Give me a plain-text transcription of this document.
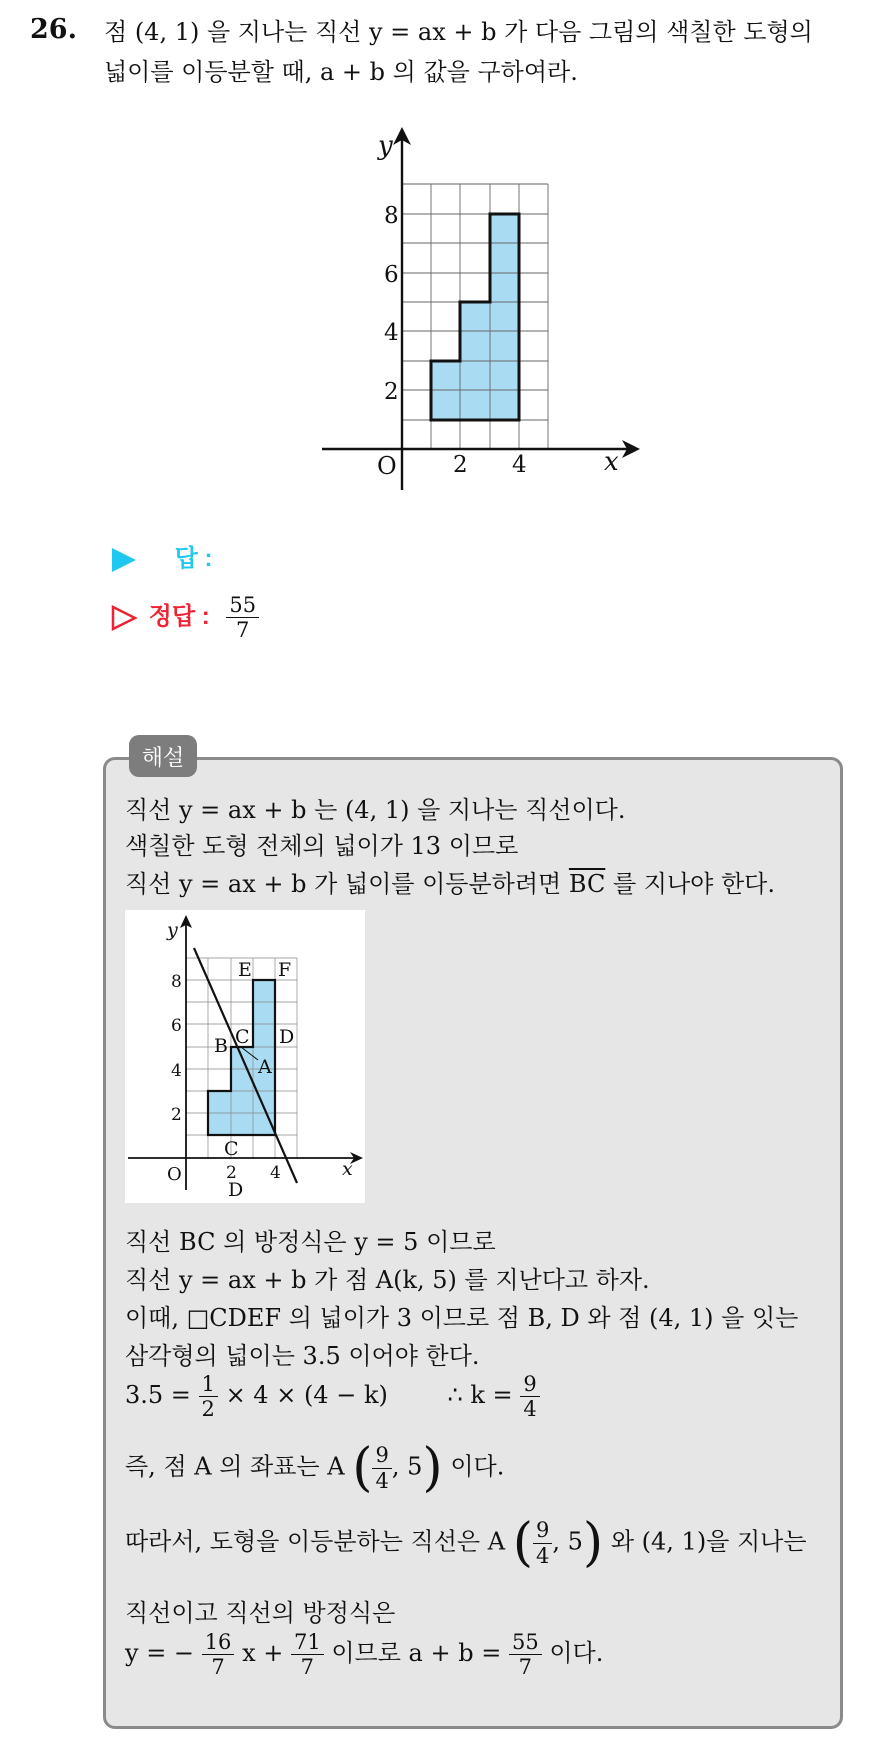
26. 점 (4, 1) 을 지나는 직선 y = ax + b 가 다음 그림의 색칠한 도형의
넓이를 이등분할 때, a + b 의 값을 구하여라.
y
x
O
8
6
4
2
2 4
답 :
정답 : $\frac{55}{7}$
해설
직선 y = ax + b 는 (4, 1) 을 지나는 직선이다.
색칠한 도형 전체의 넓이가 13 이므로
직선 y = ax + b 가 넓이를 이등분하려면 $\overline{BC}$ 를 지나야 한다.
y
x
O
8
6
4
2
2 4
E F
B C D
A
C
D
직선 BC 의 방정식은 y = 5 이므로
직선 y = ax + b 가 점 A(k, 5) 를 지난다고 하자.
이때, □CDEF 의 넓이가 3 이므로 점 B, D 와 점 (4, 1) 을 잇는
삼각형의 넓이는 3.5 이어야 한다.
$3.5 = \frac{1}{2} \times 4 \times (4 - k)$ ∴ $k = \frac{9}{4}$
즉, 점 A 의 좌표는 A ( $\frac{9}{4}$ , 5) 이다.
따라서, 도형을 이등분하는 직선은 A ( $\frac{9}{4}$ , 5) 와 (4, 1)을 지나는
직선이고 직선의 방정식은
y = − $\frac{16}{7}$ $x + \frac{71}{7}$ 이므로 $a + b = \frac{55}{7}$ 이다.
